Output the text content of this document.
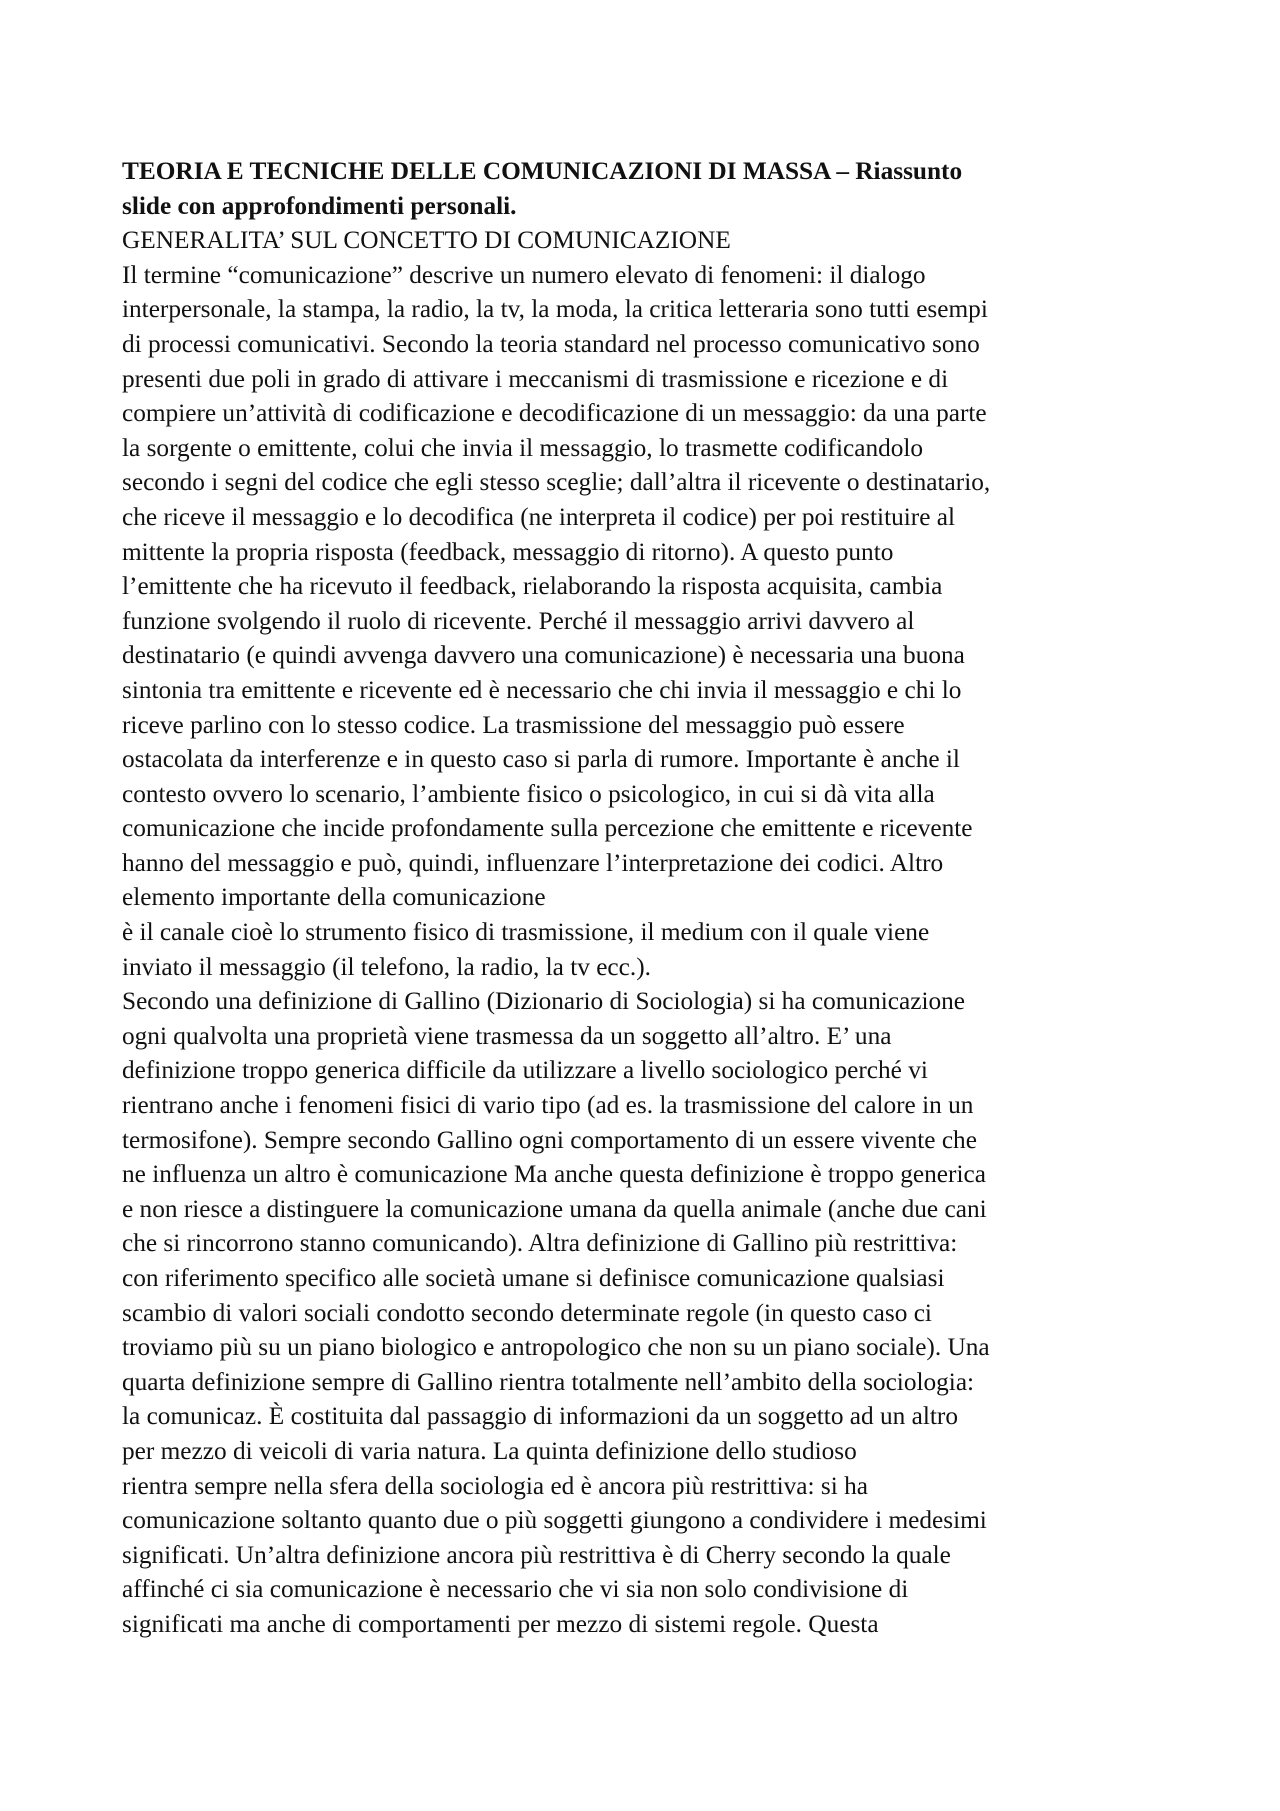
TEORIA E TECNICHE DELLE COMUNICAZIONI DI MASSA – Riassunto
slide con approfondimenti personali.
GENERALITA’ SUL CONCETTO DI COMUNICAZIONE
Il termine “comunicazione” descrive un numero elevato di fenomeni: il dialogo
interpersonale, la stampa, la radio, la tv, la moda, la critica letteraria sono tutti esempi
di processi comunicativi. Secondo la teoria standard nel processo comunicativo sono
presenti due poli in grado di attivare i meccanismi di trasmissione e ricezione e di
compiere un’attività di codificazione e decodificazione di un messaggio: da una parte
la sorgente o emittente, colui che invia il messaggio, lo trasmette codificandolo
secondo i segni del codice che egli stesso sceglie; dall’altra il ricevente o destinatario,
che riceve il messaggio e lo decodifica (ne interpreta il codice) per poi restituire al
mittente la propria risposta (feedback, messaggio di ritorno). A questo punto
l’emittente che ha ricevuto il feedback, rielaborando la risposta acquisita, cambia
funzione svolgendo il ruolo di ricevente. Perché il messaggio arrivi davvero al
destinatario (e quindi avvenga davvero una comunicazione) è necessaria una buona
sintonia tra emittente e ricevente ed è necessario che chi invia il messaggio e chi lo
riceve parlino con lo stesso codice. La trasmissione del messaggio può essere
ostacolata da interferenze e in questo caso si parla di rumore. Importante è anche il
contesto ovvero lo scenario, l’ambiente fisico o psicologico, in cui si dà vita alla
comunicazione che incide profondamente sulla percezione che emittente e ricevente
hanno del messaggio e può, quindi, influenzare l’interpretazione dei codici. Altro
elemento importante della comunicazione
è il canale cioè lo strumento fisico di trasmissione, il medium con il quale viene
inviato il messaggio (il telefono, la radio, la tv ecc.).
Secondo una definizione di Gallino (Dizionario di Sociologia) si ha comunicazione
ogni qualvolta una proprietà viene trasmessa da un soggetto all’altro. E’ una
definizione troppo generica difficile da utilizzare a livello sociologico perché vi
rientrano anche i fenomeni fisici di vario tipo (ad es. la trasmissione del calore in un
termosifone). Sempre secondo Gallino ogni comportamento di un essere vivente che
ne influenza un altro è comunicazione Ma anche questa definizione è troppo generica
e non riesce a distinguere la comunicazione umana da quella animale (anche due cani
che si rincorrono stanno comunicando). Altra definizione di Gallino più restrittiva:
con riferimento specifico alle società umane si definisce comunicazione qualsiasi
scambio di valori sociali condotto secondo determinate regole (in questo caso ci
troviamo più su un piano biologico e antropologico che non su un piano sociale). Una
quarta definizione sempre di Gallino rientra totalmente nell’ambito della sociologia:
la comunicaz. È costituita dal passaggio di informazioni da un soggetto ad un altro
per mezzo di veicoli di varia natura. La quinta definizione dello studioso
rientra sempre nella sfera della sociologia ed è ancora più restrittiva: si ha
comunicazione soltanto quanto due o più soggetti giungono a condividere i medesimi
significati. Un’altra definizione ancora più restrittiva è di Cherry secondo la quale
affinché ci sia comunicazione è necessario che vi sia non solo condivisione di
significati ma anche di comportamenti per mezzo di sistemi regole. Questa
